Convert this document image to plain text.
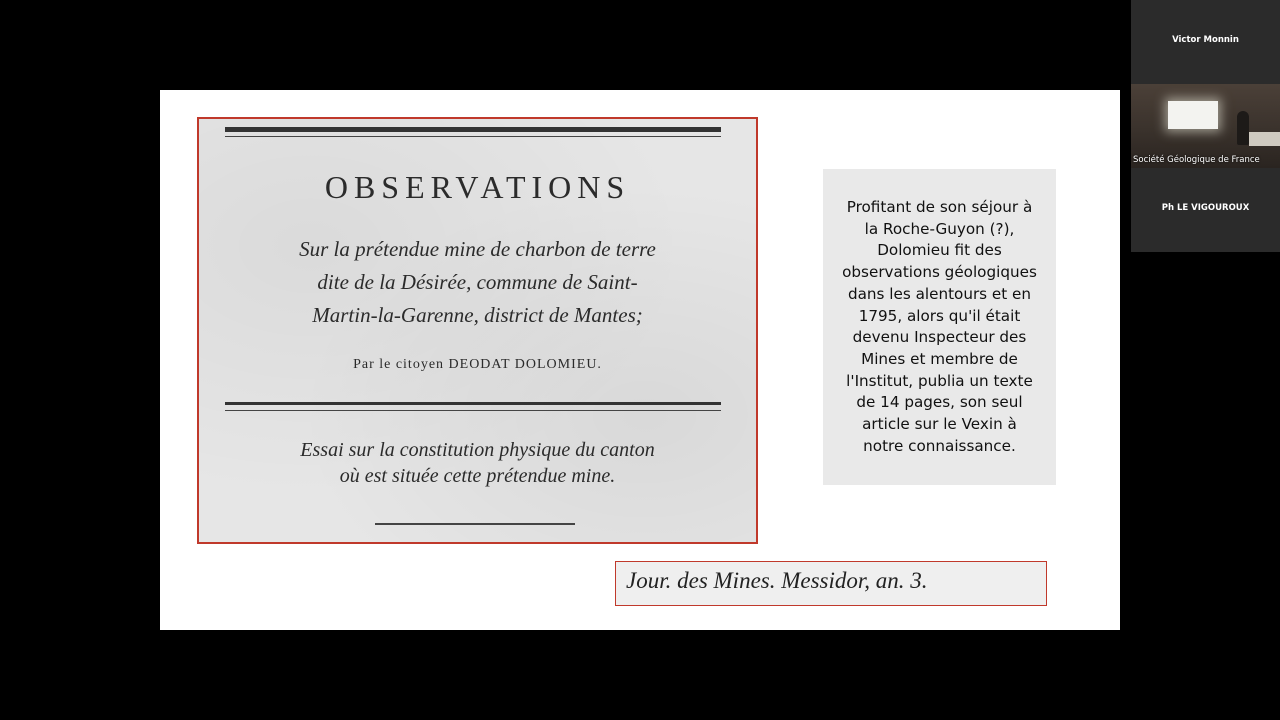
OBSERVATIONS
Sur la prétendue mine de charbon de terre
dite de la Désirée, commune de Saint-
Martin-la-Garenne, district de Mantes;
Par le citoyen DEODAT DOLOMIEU.
Essai sur la constitution physique du canton
où est située cette prétendue mine.
Profitant de son séjour à
la Roche-Guyon (?),
Dolomieu fit des
observations géologiques
dans les alentours et en
1795, alors qu'il était
devenu Inspecteur des
Mines et membre de
l'Institut, publia un texte
de 14 pages, son seul
article sur le Vexin à
notre connaissance.
Jour. des Mines. Messidor, an. 3.
Victor Monnin
Société Géologique de France
Ph LE VIGOUROUX
